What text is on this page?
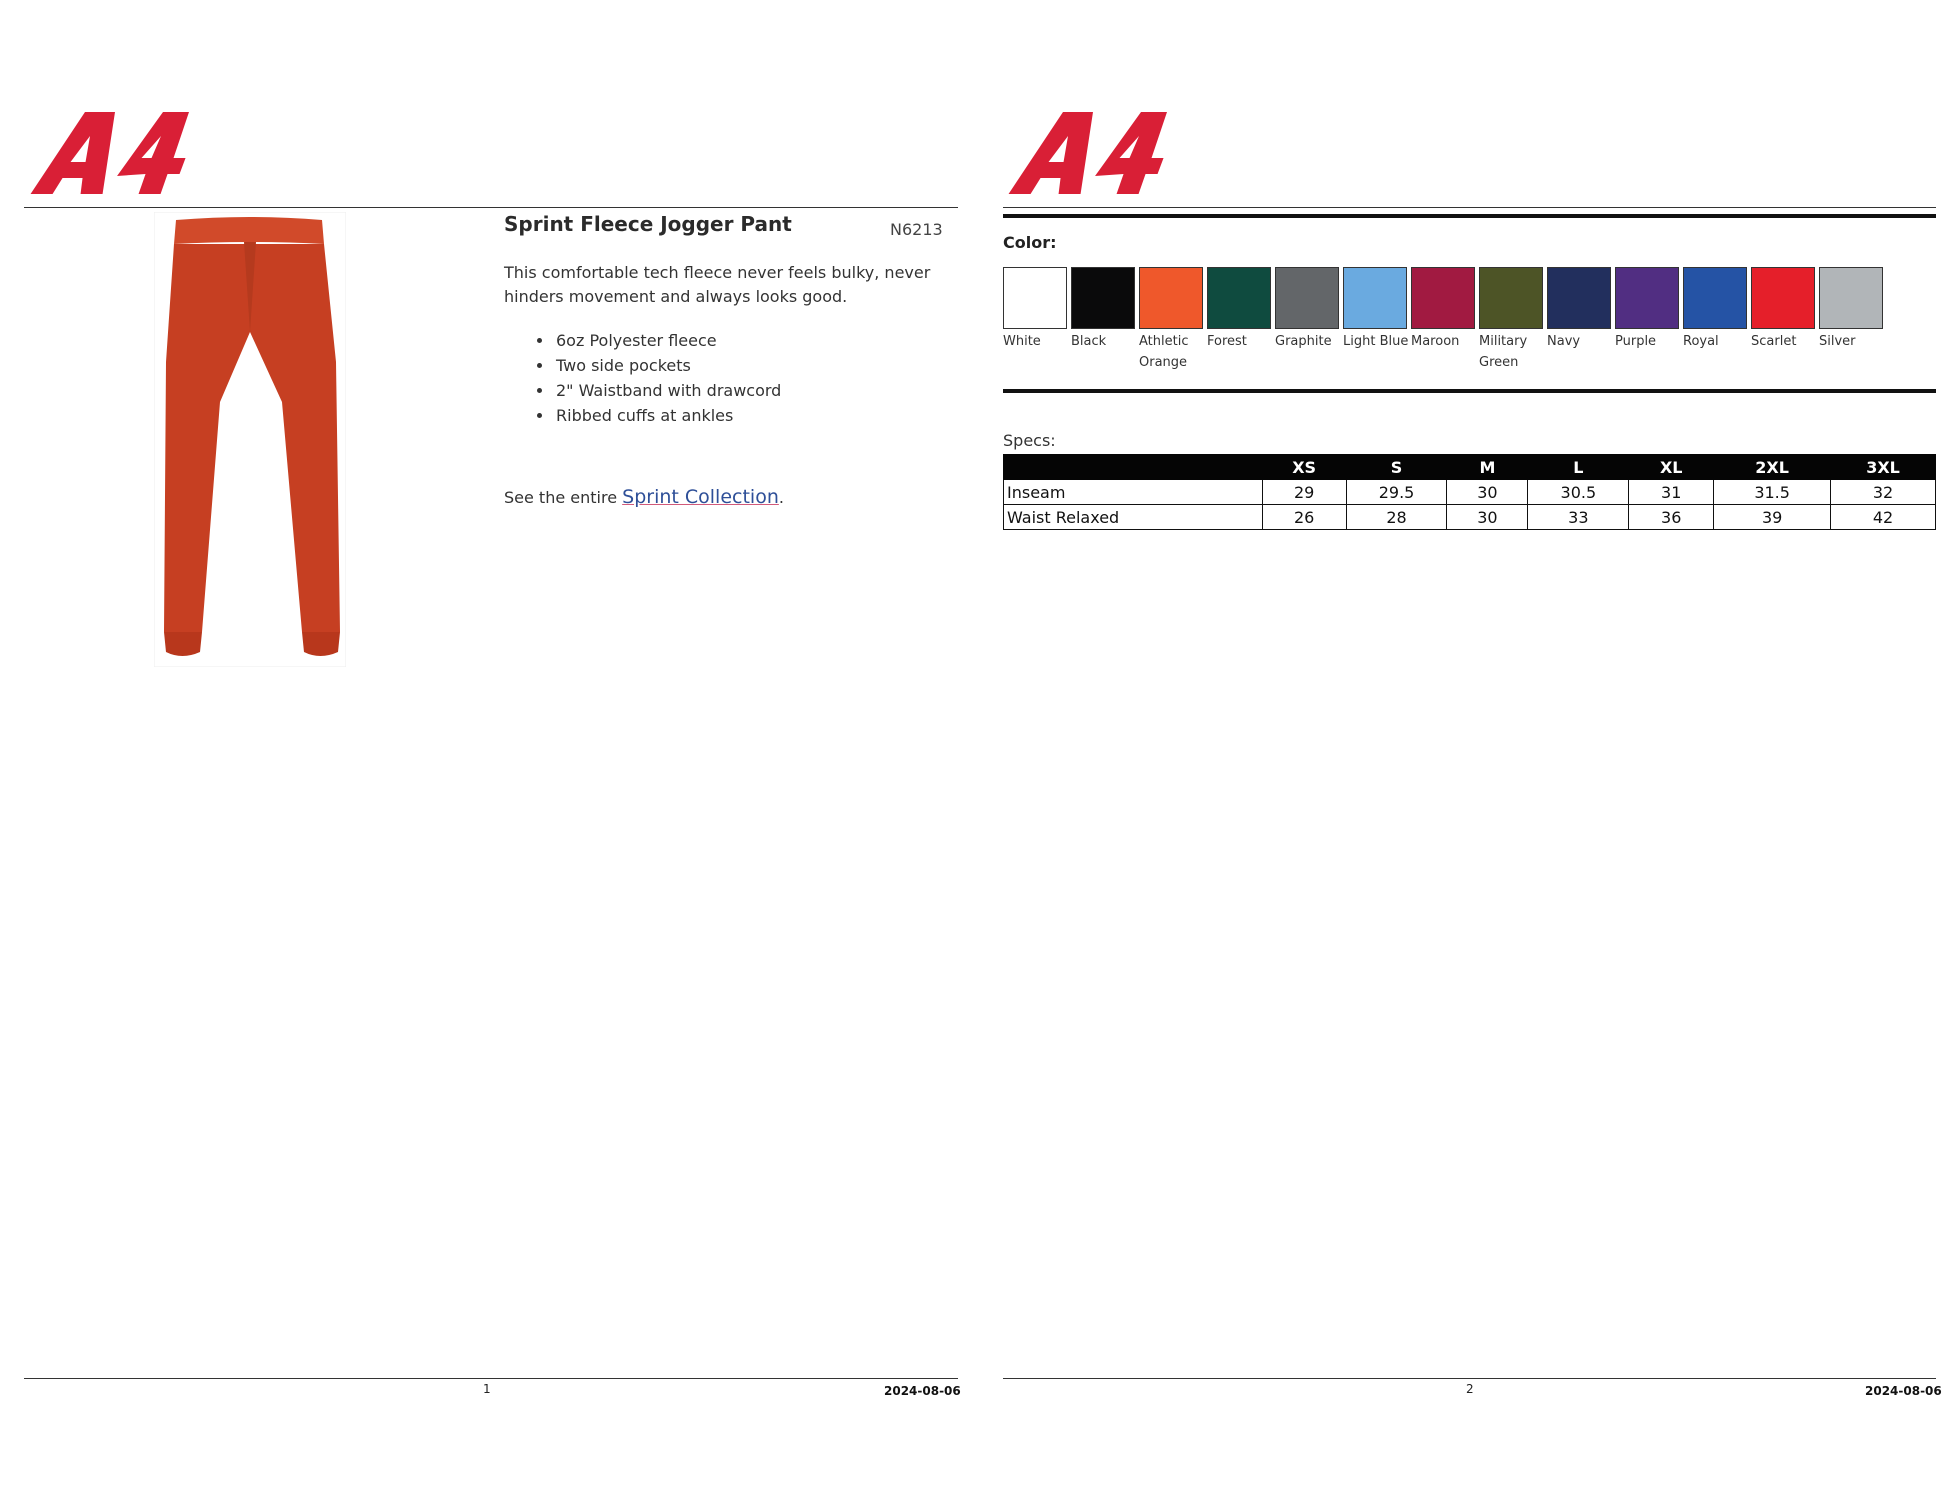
Sprint Fleece Jogger Pant	N6213
This comfortable tech fleece never feels bulky, never hinders movement and always looks good.
• 6oz Polyester fleece
• Two side pockets
• 2" Waistband with drawcord
• Ribbed cuffs at ankles
See the entire Sprint Collection.
1	2024-08-06
Color:
White	Black	Athletic Orange
Forest	Graphite Light Blue Maroon	Military Green
Navy	Purple	Royal	Scarlet	Silver
Specs:
	XS	S	M	L	XL	2XL	3XL
Inseam	29	29.5	30	30.5	31	31.5	32
Waist Relaxed	26	28	30	33	36	39	42
2	2024-08-06
